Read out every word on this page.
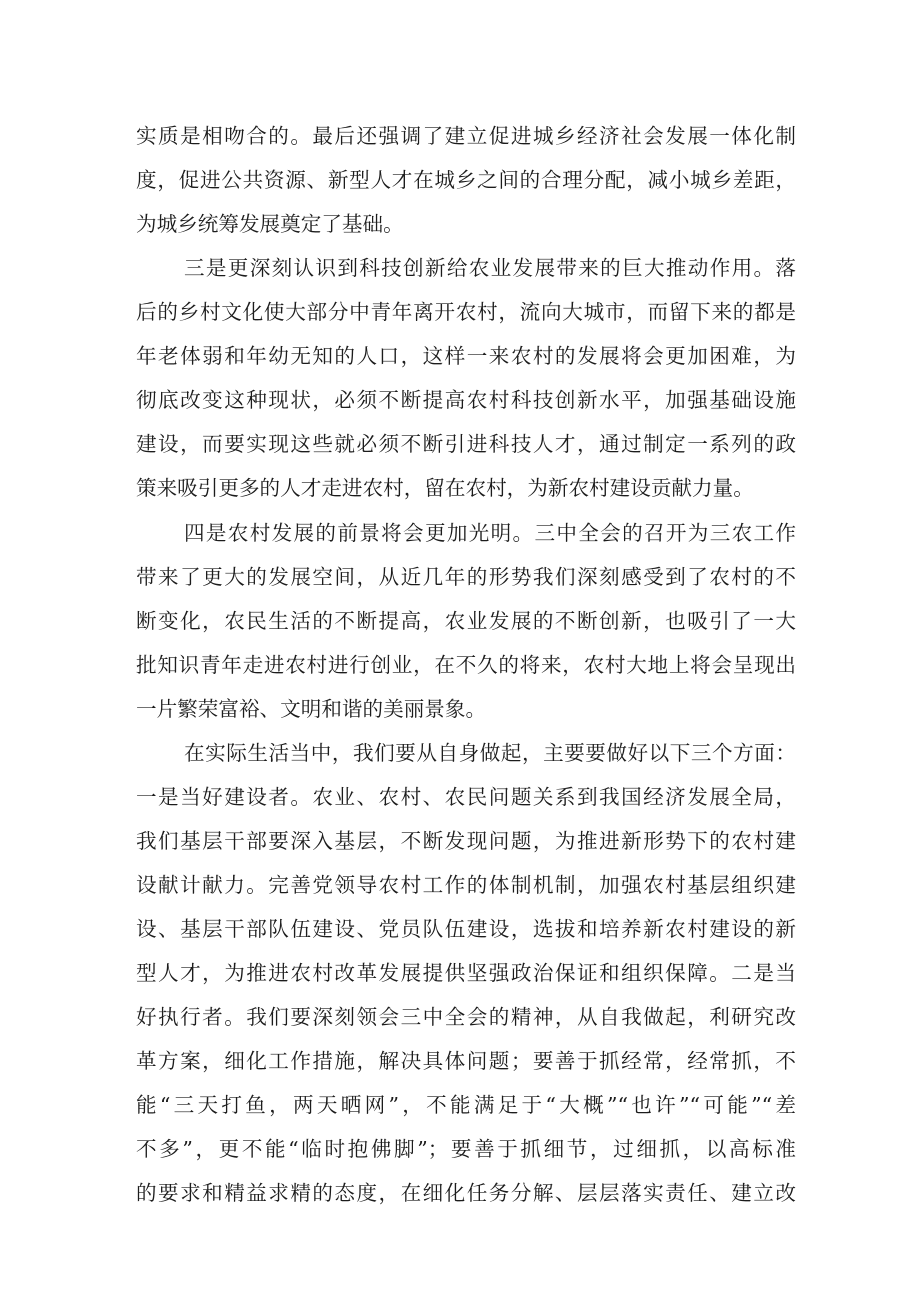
实质是相吻合的。最后还强调了建立促进城乡经济社会发展一体化制

度，促进公共资源、新型人才在城乡之间的合理分配，减小城乡差距，

为城乡统筹发展奠定了基础。

三是更深刻认识到科技创新给农业发展带来的巨大推动作用。落

后的乡村文化使大部分中青年离开农村，流向大城市，而留下来的都是

年老体弱和年幼无知的人口，这样一来农村的发展将会更加困难，为

彻底改变这种现状，必须不断提高农村科技创新水平，加强基础设施

建设，而要实现这些就必须不断引进科技人才，通过制定一系列的政

策来吸引更多的人才走进农村，留在农村，为新农村建设贡献力量。

四是农村发展的前景将会更加光明。三中全会的召开为三农工作

带来了更大的发展空间，从近几年的形势我们深刻感受到了农村的不

断变化，农民生活的不断提高，农业发展的不断创新，也吸引了一大

批知识青年走进农村进行创业，在不久的将来，农村大地上将会呈现出

一片繁荣富裕、文明和谐的美丽景象。

在实际生活当中，我们要从自身做起，主要要做好以下三个方面：

一是当好建设者。农业、农村、农民问题关系到我国经济发展全局，

我们基层干部要深入基层，不断发现问题，为推进新形势下的农村建

设献计献力。完善党领导农村工作的体制机制，加强农村基层组织建

设、基层干部队伍建设、党员队伍建设，选拔和培养新农村建设的新

型人才，为推进农村改革发展提供坚强政治保证和组织保障。二是当

好执行者。我们要深刻领会三中全会的精神，从自我做起，利研究改

革方案，细化工作措施，解决具体问题；要善于抓经常，经常抓，不

能“三天打鱼，两天晒网”，不能满足于“大概”“也许”“可能”“差

不多”，更不能“临时抱佛脚”；要善于抓细节，过细抓，以高标准

的要求和精益求精的态度，在细化任务分解、层层落实责任、建立改
